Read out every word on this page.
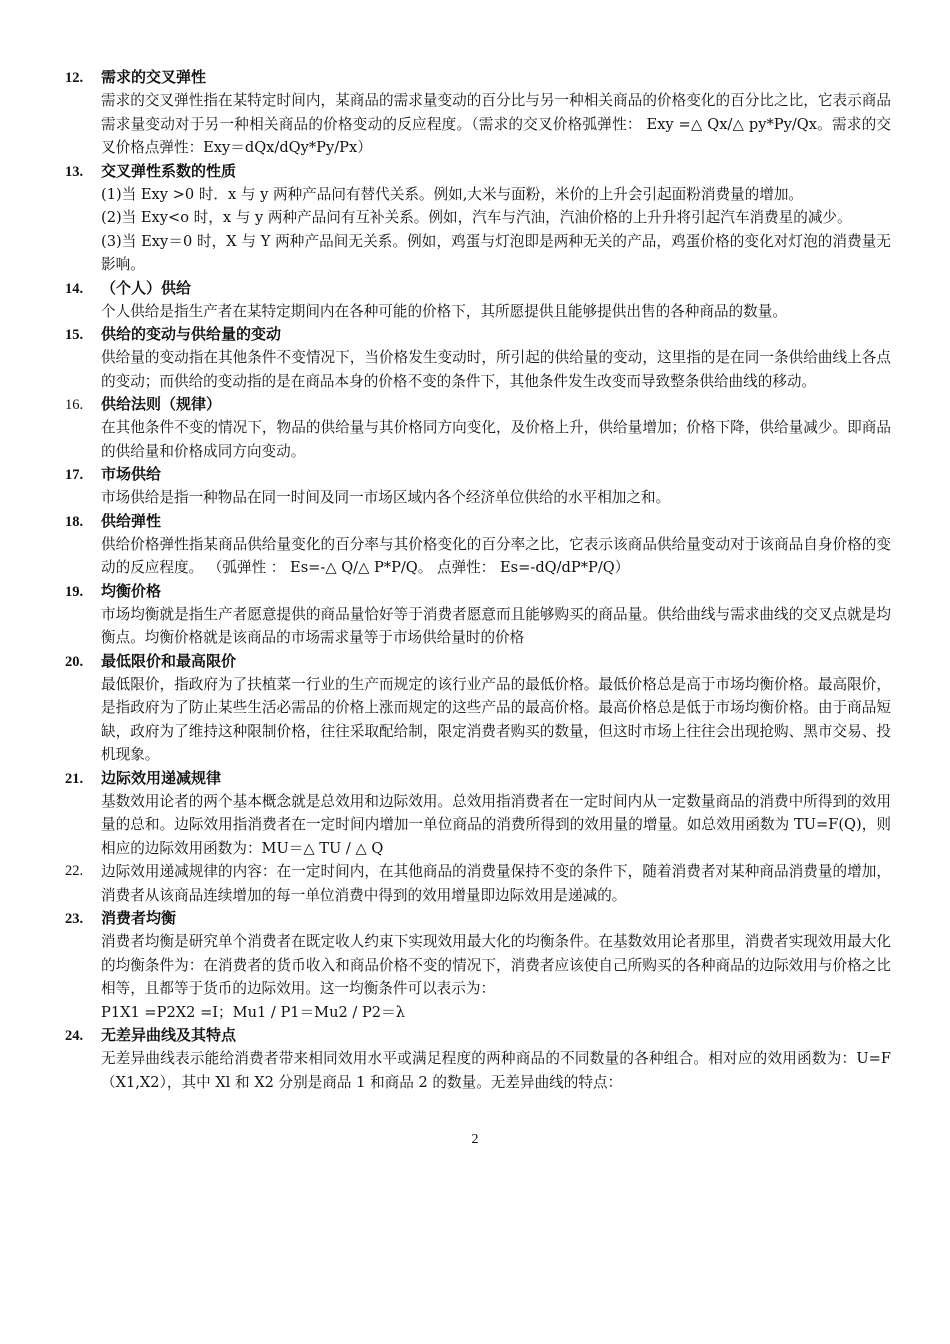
12.	需求的交叉弹性

需求的交叉弹性指在某特定时间内，某商品的需求量变动的百分比与另一种相关商品的价格变化的百分比之比，它表示商品需求量变动对于另一种相关商品的价格变动的反应程度。（需求的交叉价格弧弹性： Exy =△ Qx/△ py*Py/Qx。需求的交叉价格点弹性：Exy＝dQx/dQy*Py/Px）

13.	交叉弹性系数的性质

(1)当 Exy >0 时．x 与 y 两种产品问有替代关系。例如,大米与面粉，米价的上升会引起面粉消费量的增加。

(2)当 Exy<o 时，x 与 y 两种产品问有互补关系。例如，汽车与汽油，汽油价格的上升升将引起汽车消费星的减少。

(3)当 Exy＝0 时，X 与 Y 两种产品间无关系。例如，鸡蛋与灯泡即是两种无关的产品，鸡蛋价格的变化对灯泡的消费量无影响。

14.	（个人）供给

个人供给是指生产者在某特定期间内在各种可能的价格下，其所愿提供且能够提供出售的各种商品的数量。

15.	供给的变动与供给量的变动

供给量的变动指在其他条件不变情况下，当价格发生变动时，所引起的供给量的变动，这里指的是在同一条供给曲线上各点的变动；而供给的变动指的是在商品本身的价格不变的条件下，其他条件发生改变而导致整条供给曲线的移动。

16.	供给法则（规律）

在其他条件不变的情况下，物品的供给量与其价格同方向变化，及价格上升，供给量增加；价格下降，供给量减少。即商品的供给量和价格成同方向变动。

17.	市场供给

市场供给是指一种物品在同一时间及同一市场区域内各个经济单位供给的水平相加之和。

18.	供给弹性

供给价格弹性指某商品供给量变化的百分率与其价格变化的百分率之比，它表示该商品供给量变动对于该商品自身价格的变动的反应程度。 （弧弹性 ： Es=-△ Q/△ P*P/Q。 点弹性： Es=-dQ/dP*P/Q）

19.	均衡价格

市场均衡就是指生产者愿意提供的商品量恰好等于消费者愿意而且能够购买的商品量。供给曲线与需求曲线的交叉点就是均衡点。均衡价格就是该商品的市场需求量等于市场供给量时的价格

20.	最低限价和最高限价

最低限价，指政府为了扶植菜一行业的生产而规定的该行业产品的最低价格。最低价格总是高于市场均衡价格。最高限价，是指政府为了防止某些生活必需品的价格上涨而规定的这些产品的最高价格。最高价格总是低于市场均衡价格。由于商品短缺，政府为了维持这种限制价格，往往采取配给制，限定消费者购买的数量，但这时市场上往往会出现抢购、黑市交易、投机现象。

21.	边际效用递减规律

基数效用论者的两个基本概念就是总效用和边际效用。总效用指消费者在一定时间内从一定数量商品的消费中所得到的效用量的总和。边际效用指消费者在一定时间内增加一单位商品的消费所得到的效用量的增量。如总效用函数为 TU=F(Q)，则相应的边际效用函数为：MU＝△ TU / △ Q

22.	边际效用递减规律的内容：在一定时间内，在其他商品的消费量保持不变的条件下，随着消费者对某种商品消费量的增加，消费者从该商品连续增加的每一单位消费中得到的效用增量即边际效用是递减的。

23.	消费者均衡

消费者均衡是研究单个消费者在既定收人约束下实现效用最大化的均衡条件。在基数效用论者那里，消费者实现效用最大化的均衡条件为：在消费者的货币收入和商品价格不变的情况下，消费者应该使自己所购买的各种商品的边际效用与价格之比相等，且都等于货币的边际效用。这一均衡条件可以表示为：

P1X1 =P2X2 =I；Mu1 / P1＝Mu2 / P2＝λ

24.	无差异曲线及其特点

无差异曲线表示能给消费者带来相同效用水平或满足程度的两种商品的不同数量的各种组合。相对应的效用函数为：U=F（X1,X2），其中 Xl 和 X2 分别是商品 1 和商品 2 的数量。无差异曲线的特点：

2
